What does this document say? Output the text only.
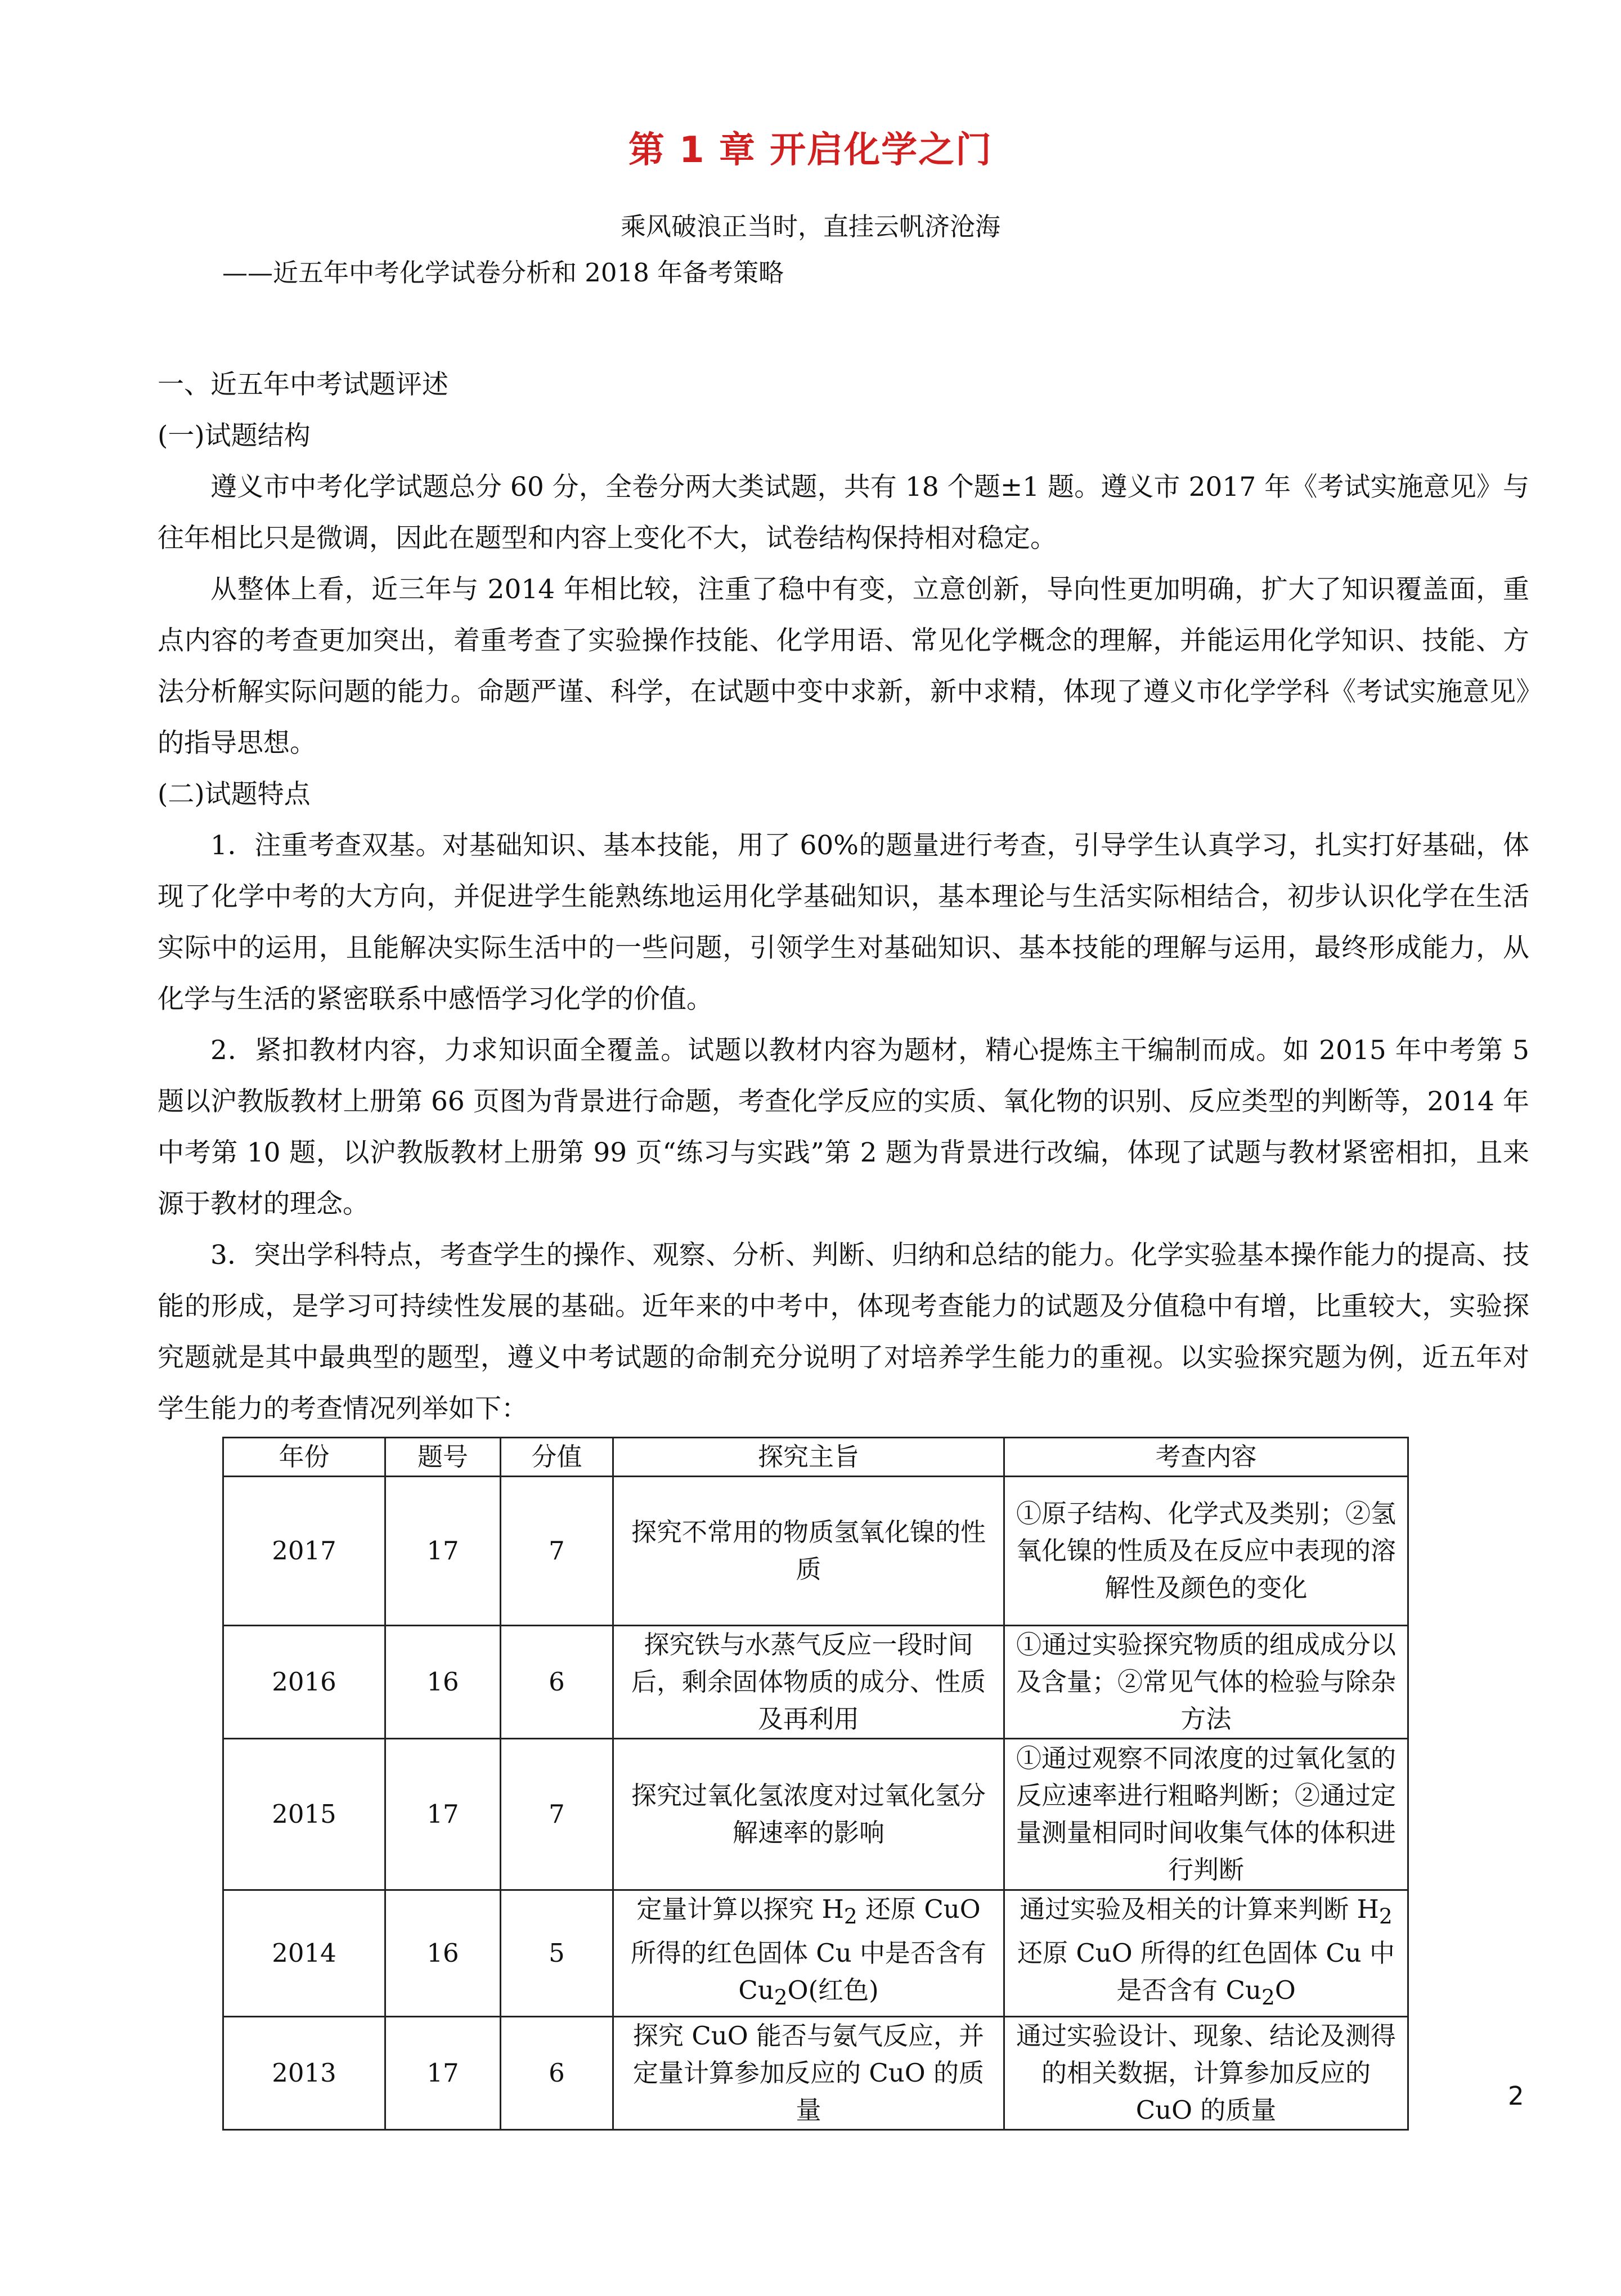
第 1 章 开启化学之门
乘风破浪正当时，直挂云帆济沧海
——近五年中考化学试卷分析和 2018 年备考策略

一、近五年中考试题评述

(一)试题结构

遵义市中考化学试题总分 60 分，全卷分两大类试题，共有 18 个题±1 题。遵义市 2017 年《考试实施意见》与往年相比只是微调，因此在题型和内容上变化不大，试卷结构保持相对稳定。

从整体上看，近三年与 2014 年相比较，注重了稳中有变，立意创新，导向性更加明确，扩大了知识覆盖面，重点内容的考查更加突出，着重考查了实验操作技能、化学用语、常见化学概念的理解，并能运用化学知识、技能、方法分析解实际问题的能力。命题严谨、科学，在试题中变中求新，新中求精，体现了遵义市化学学科《考试实施意见》的指导思想。

(二)试题特点

1．注重考查双基。对基础知识、基本技能，用了 60%的题量进行考查，引导学生认真学习，扎实打好基础，体现了化学中考的大方向，并促进学生能熟练地运用化学基础知识，基本理论与生活实际相结合，初步认识化学在生活实际中的运用，且能解决实际生活中的一些问题，引领学生对基础知识、基本技能的理解与运用，最终形成能力，从化学与生活的紧密联系中感悟学习化学的价值。

2．紧扣教材内容，力求知识面全覆盖。试题以教材内容为题材，精心提炼主干编制而成。如 2015 年中考第 5 题以沪教版教材上册第 66 页图为背景进行命题，考查化学反应的实质、氧化物的识别、反应类型的判断等，2014 年中考第 10 题，以沪教版教材上册第 99 页“练习与实践”第 2 题为背景进行改编，体现了试题与教材紧密相扣，且来源于教材的理念。

3．突出学科特点，考查学生的操作、观察、分析、判断、归纳和总结的能力。化学实验基本操作能力的提高、技能的形成，是学习可持续性发展的基础。近年来的中考中，体现考查能力的试题及分值稳中有增，比重较大，实验探究题就是其中最典型的题型，遵义中考试题的命制充分说明了对培养学生能力的重视。以实验探究题为例，近五年对学生能力的考查情况列举如下：

年份	题号	分值	探究主旨	考查内容
2017	17	7	探究不常用的物质氢氧化镍的性质	①原子结构、化学式及类别；②氢氧化镍的性质及在反应中表现的溶解性及颜色的变化
2016	16	6	探究铁与水蒸气反应一段时间后，剩余固体物质的成分、性质及再利用	①通过实验探究物质的组成成分以及含量；②常见气体的检验与除杂方法
2015	17	7	探究过氧化氢浓度对过氧化氢分解速率的影响	①通过观察不同浓度的过氧化氢的反应速率进行粗略判断；②通过定量测量相同时间收集气体的体积进行判断
2014	16	5	定量计算以探究 $H_2$ 还原 CuO 所得的红色固体 Cu 中是否含有 $Cu_2O$(红色)	通过实验及相关的计算来判断 $H_2$ 还原 CuO 所得的红色固体 Cu 中是否含有 $Cu_2O$
2013	17	6	探究 CuO 能否与氨气反应，并定量计算参加反应的 CuO 的质量	通过实验设计、现象、结论及测得的相关数据，计算参加反应的 CuO 的质量	2
